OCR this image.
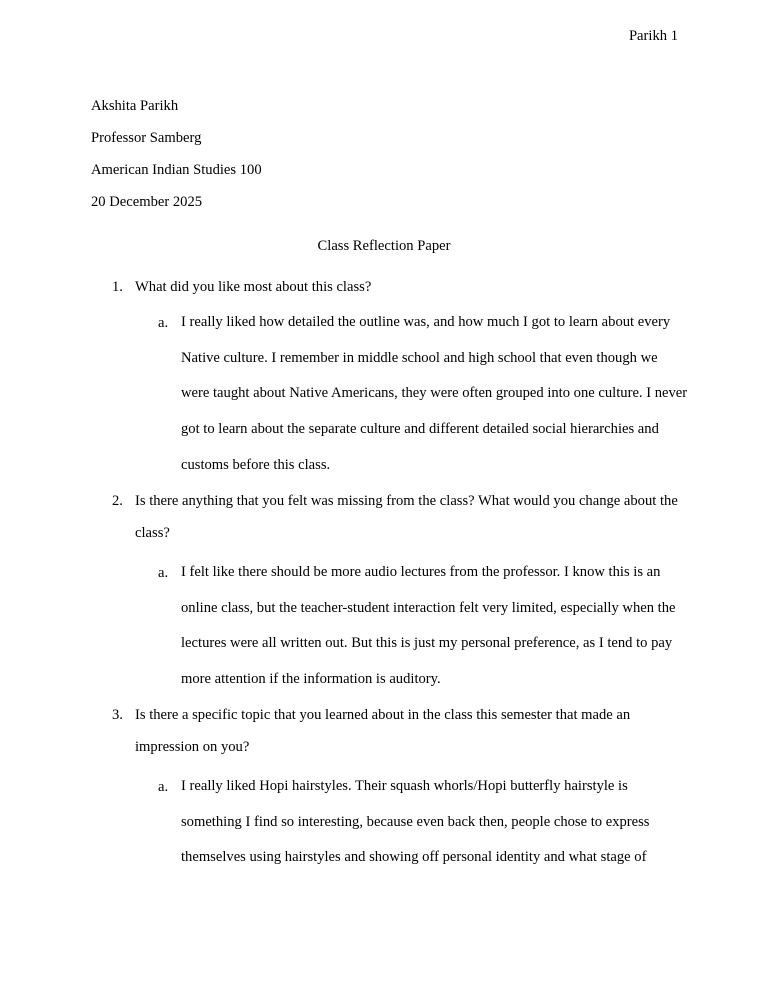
Parikh 1
Akshita Parikh
Professor Samberg
American Indian Studies 100
20 December 2025
Class Reflection Paper
1. What did you like most about this class?
a. I really liked how detailed the outline was, and how much I got to learn about every Native culture. I remember in middle school and high school that even though we were taught about Native Americans, they were often grouped into one culture. I never got to learn about the separate culture and different detailed social hierarchies and customs before this class.
2. Is there anything that you felt was missing from the class? What would you change about the class?
a. I felt like there should be more audio lectures from the professor. I know this is an online class, but the teacher-student interaction felt very limited, especially when the lectures were all written out. But this is just my personal preference, as I tend to pay more attention if the information is auditory.
3. Is there a specific topic that you learned about in the class this semester that made an impression on you?
a. I really liked Hopi hairstyles. Their squash whorls/Hopi butterfly hairstyle is something I find so interesting, because even back then, people chose to express themselves using hairstyles and showing off personal identity and what stage of
